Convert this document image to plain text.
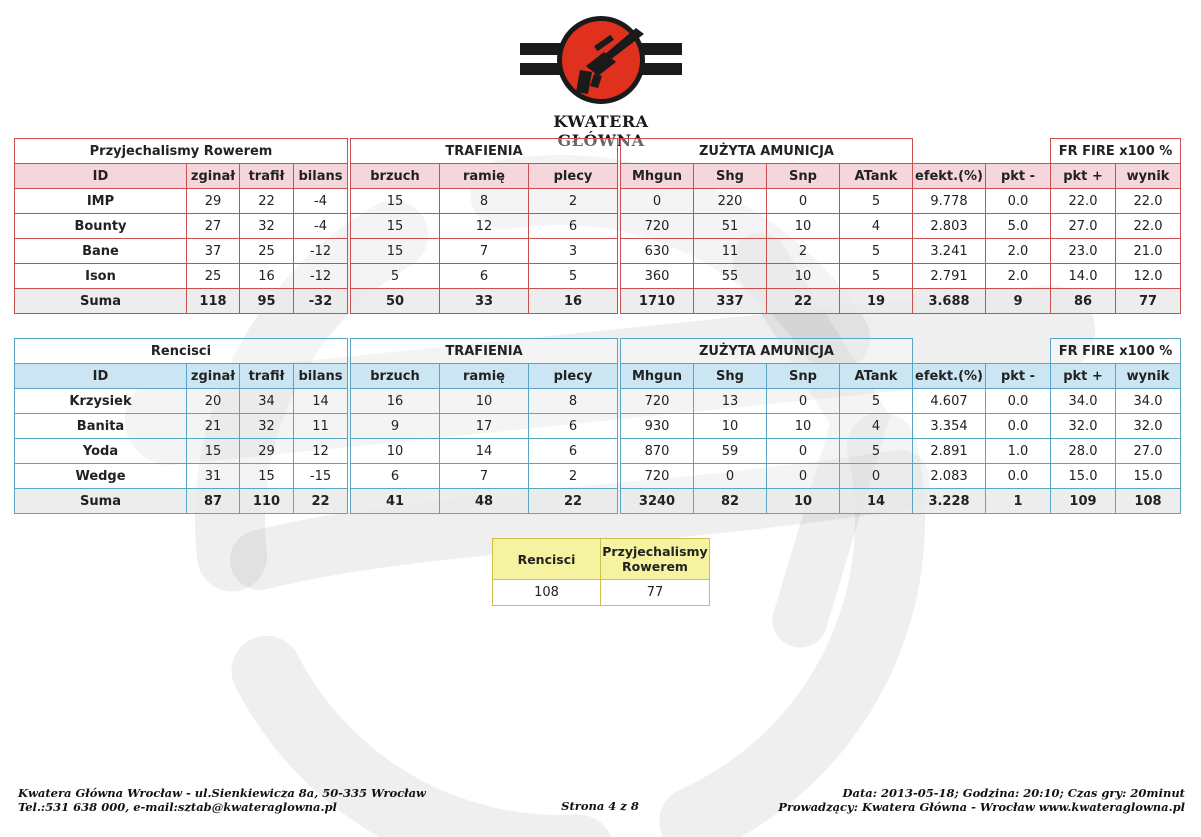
KWATERA GŁÓWNA
Przyjechalismy Rowerem					TRAFIENIA				ZUŻYTA AMUNICJA						FR FIRE x100 %		
ID	zginał	trafił	bilans		brzuch	ramię	plecy		Mhgun	Shg	Snp	ATank	efekt.(%)	pkt -	pkt +	wynik	
IMP	29	22	-4		15	8	2		0	220	0	5	9.778	0.0	22.0	22.0	
Bounty	27	32	-4		15	12	6		720	51	10	4	2.803	5.0	27.0	22.0	
Bane	37	25	-12		15	7	3		630	11	2	5	3.241	2.0	23.0	21.0	
Ison	25	16	-12		5	6	5		360	55	10	5	2.791	2.0	14.0	12.0	
Suma	118	95	-32		50	33	16		1710	337	22	19	3.688	9	86	77	
Rencisci					TRAFIENIA				ZUŻYTA AMUNICJA						FR FIRE x100 %		
ID	zginał	trafił	bilans		brzuch	ramię	plecy		Mhgun	Shg	Snp	ATank	efekt.(%)	pkt -	pkt +	wynik	
Krzysiek	20	34	14		16	10	8		720	13	0	5	4.607	0.0	34.0	34.0	
Banita	21	32	11		9	17	6		930	10	10	4	3.354	0.0	32.0	32.0	
Yoda	15	29	12		10	14	6		870	59	0	5	2.891	1.0	28.0	27.0	
Wedge	31	15	-15		6	7	2		720	0	0	0	2.083	0.0	15.0	15.0	
Suma	87	110	22		41	48	22		3240	82	10	14	3.228	1	109	108	
Rencisci	Przyjechalismy
Rowerem

108	77
Kwatera Główna Wrocław - ul.Sienkiewicza 8a, 50-335 Wrocław
Tel.:531 638 000, e-mail:sztab@kwateraglowna.pl	Strona 4 z 8
Data: 2013-05-18; Godzina: 20:10; Czas gry: 20minut
Prowadzący: Kwatera Główna - Wrocław www.kwateraglowna.pl
